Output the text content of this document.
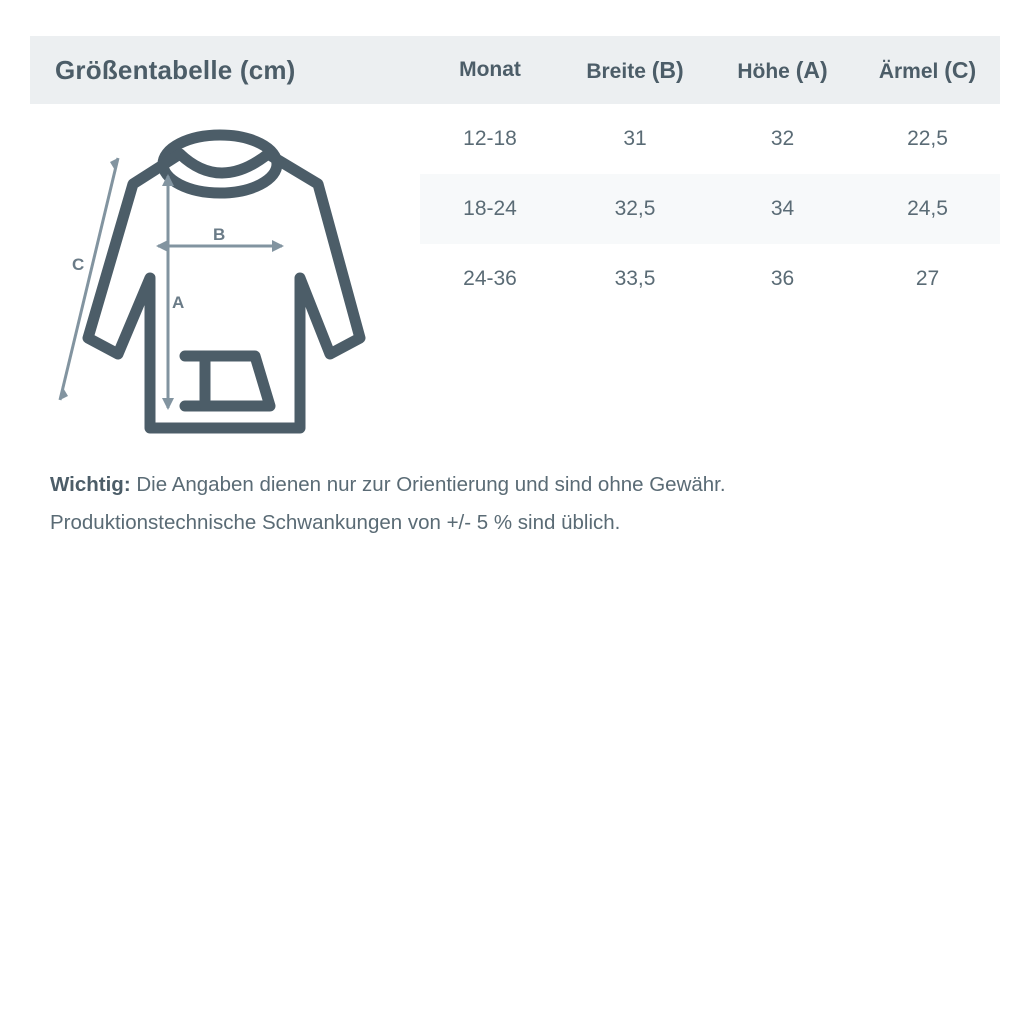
Größentabelle (cm)
C
B
A
Monat	Breite (B)	Höhe (A)	Ärmel (C)
12-18	31	32	22,5
18-24	32,5	34	24,5
24-36	33,5	36	27
Wichtig: Die Angaben dienen nur zur Orientierung und sind ohne Gewähr.
Produktionstechnische Schwankungen von +/- 5 % sind üblich.
